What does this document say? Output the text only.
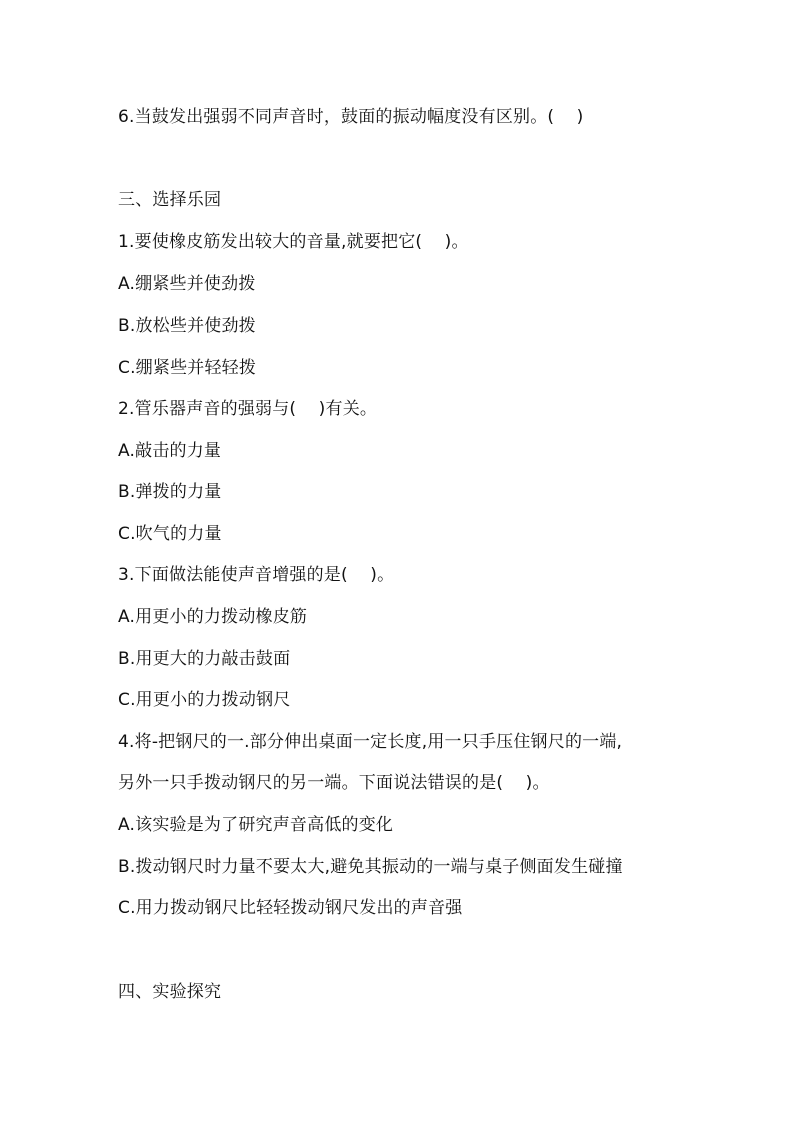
6.当鼓发出强弱不同声音时，鼓面的振动幅度没有区别。(    )
三、选择乐园
1.要使橡皮筋发出较大的音量,就要把它(    )。
A.绷紧些并使劲拨
B.放松些并使劲拨
C.绷紧些并轻轻拨
2.管乐器声音的强弱与(    )有关。
A.敲击的力量
B.弹拨的力量
C.吹气的力量
3.下面做法能使声音增强的是(    )。
A.用更小的力拨动橡皮筋
B.用更大的力敲击鼓面
C.用更小的力拨动钢尺
4.将-把钢尺的一.部分伸出桌面一定长度,用一只手压住钢尺的一端,
另外一只手拨动钢尺的另一端。下面说法错误的是(    )。
A.该实验是为了研究声音高低的变化
B.拨动钢尺时力量不要太大,避免其振动的一端与桌子侧面发生碰撞
C.用力拨动钢尺比轻轻拨动钢尺发出的声音强
四、实验探究
